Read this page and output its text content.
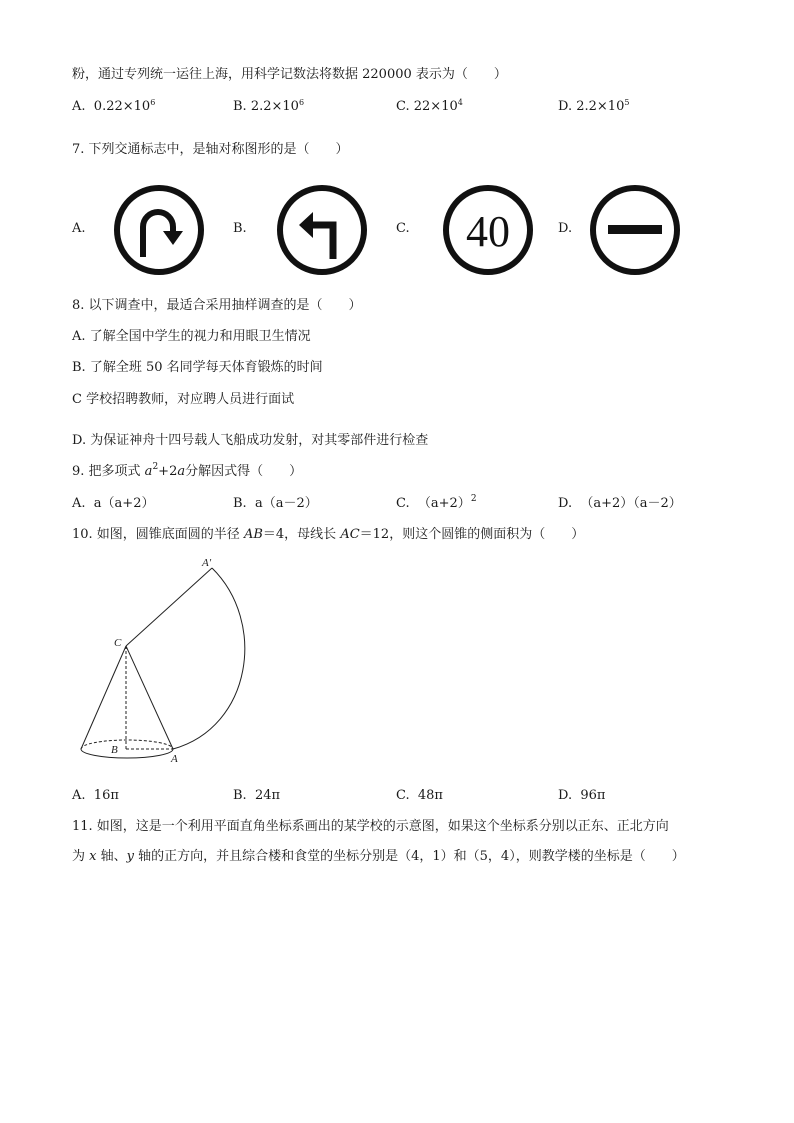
粉，通过专列统一运往上海，用科学记数法将数据 220000 表示为（　　）
A. $0.22\times 10^6$	B. $2.2\times 10^6$	C. $22\times 10^4$	D. $2.2\times 10^5$
7. 下列交通标志中，是轴对称图形的是（　　）
A.	B.	C. 40	D.
8. 以下调查中，最适合采用抽样调查的是（　　）
A. 了解全国中学生的视力和用眼卫生情况
B. 了解全班 50 名同学每天体育锻炼的时间
C 学校招聘教师，对应聘人员进行面试
D. 为保证神舟十四号载人飞船成功发射，对其零部件进行检查
9. 把多项式 $a^2+2a$分解因式得（　　）
A. a（a+2）	B. a（a－2）	C. $(a+2)^2$	D. （a+2）（a－2）
10. 如图，圆锥底面圆的半径 AB＝4，母线长 AC＝12，则这个圆锥的侧面积为（　　）
A′
C
B
A
A. 16π	B. 24π	C. 48π	D. 96π
11. 如图，这是一个利用平面直角坐标系画出的某学校的示意图，如果这个坐标系分别以正东、正北方向
为 x 轴、y 轴的正方向，并且综合楼和食堂的坐标分别是（4，1）和（5，4），则教学楼的坐标是（　　）
